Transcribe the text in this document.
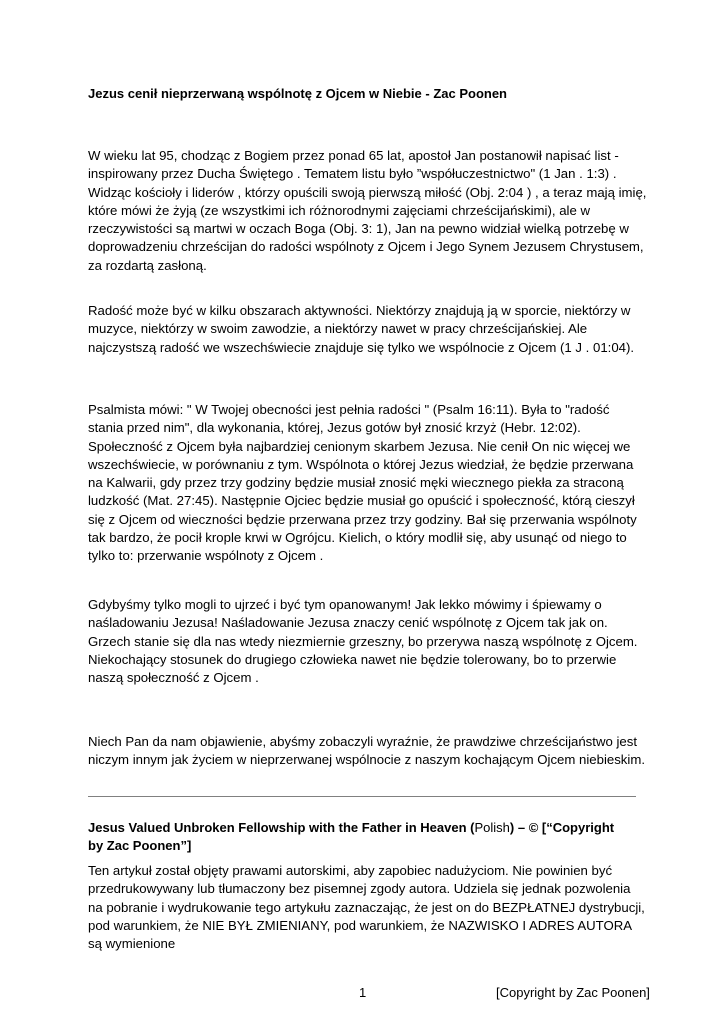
Jezus cenił nieprzerwaną wspólnotę z Ojcem w Niebie - Zac Poonen
W wieku lat 95, chodząc z Bogiem przez ponad 65 lat, apostoł Jan postanowił napisać list - inspirowany przez Ducha Świętego . Tematem listu było ”współuczestnictwo" (1 Jan . 1:3) . Widząc kościoły i liderów , którzy opuścili swoją pierwszą miłość (Obj. 2:04 ) , a teraz mają imię, które mówi że żyją (ze wszystkimi ich różnorodnymi zajęciami chrześcijańskimi), ale w rzeczywistości są martwi w oczach Boga (Obj. 3: 1), Jan na pewno widział wielką potrzebę w doprowadzeniu chrześcijan do radości wspólnoty z Ojcem i Jego Synem Jezusem Chrystusem, za rozdartą zasłoną.
Radość może być w kilku obszarach aktywności. Niektórzy znajdują ją w sporcie, niektórzy w muzyce, niektórzy w swoim zawodzie, a niektórzy nawet w pracy chrześcijańskiej. Ale najczystszą radość we wszechświecie znajduje się tylko we wspólnocie z Ojcem (1 J . 01:04).
Psalmista mówi: " W Twojej obecności jest pełnia radości " (Psalm 16:11). Była to "radość stania przed nim", dla wykonania, której, Jezus gotów był znosić krzyż (Hebr. 12:02). Społeczność z Ojcem była najbardziej cenionym skarbem Jezusa. Nie cenił On nic więcej we wszechświecie, w porównaniu z tym. Wspólnota o której Jezus wiedział, że będzie przerwana na Kalwarii, gdy przez trzy godziny będzie musiał znosić męki wiecznego piekła za straconą ludzkość (Mat. 27:45). Następnie Ojciec będzie musiał go opuścić i społeczność, którą cieszył się z Ojcem od wieczności będzie przerwana przez trzy godziny. Bał się przerwania wspólnoty tak bardzo, że pocił krople krwi w Ogrójcu. Kielich, o który modlił się, aby usunąć od niego to tylko to: przerwanie wspólnoty z Ojcem .
Gdybyśmy tylko mogli to ujrzeć i być tym opanowanym! Jak lekko mówimy i śpiewamy o naśladowaniu Jezusa! Naśladowanie Jezusa znaczy cenić wspólnotę z Ojcem tak jak on. Grzech stanie się dla nas wtedy niezmiernie grzeszny, bo przerywa naszą wspólnotę z Ojcem. Niekochający stosunek do drugiego człowieka nawet nie będzie tolerowany, bo to przerwie naszą społeczność z Ojcem .
Niech Pan da nam objawienie, abyśmy zobaczyli wyraźnie, że prawdziwe chrześcijaństwo jest niczym innym jak życiem w nieprzerwanej wspólnocie z naszym kochającym Ojcem niebieskim.
Jesus Valued Unbroken Fellowship with the Father in Heaven (Polish) – © [“Copyright by Zac Poonen”]
Ten artykuł został objęty prawami autorskimi, aby zapobiec nadużyciom. Nie powinien być przedrukowywany lub tłumaczony bez pisemnej zgody autora. Udziela się jednak pozwolenia na pobranie i wydrukowanie tego artykułu zaznaczając, że jest on do BEZPŁATNEJ dystrybucji, pod warunkiem, że NIE BYŁ ZMIENIANY, pod warunkiem, że NAZWISKO I ADRES AUTORA są wymienione
1	[Copyright by Zac Poonen]
